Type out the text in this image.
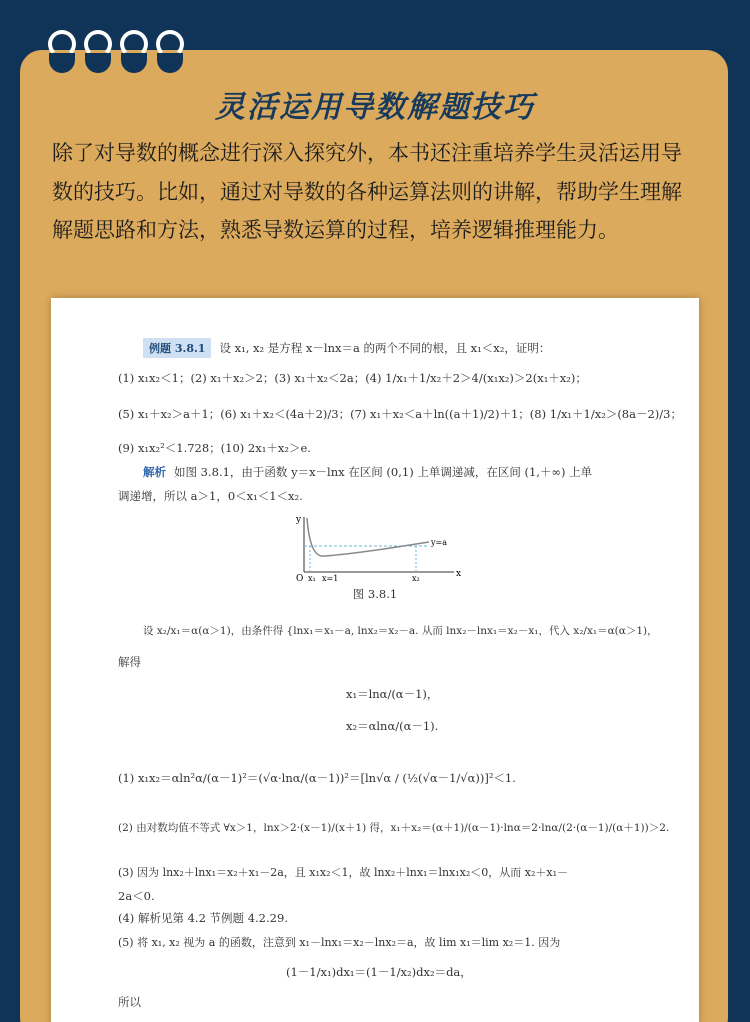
灵活运用导数解题技巧
除了对导数的概念进行深入探究外，本书还注重培养学生灵活运用导数的技巧。比如，通过对导数的各种运算法则的讲解，帮助学生理解解题思路和方法，熟悉导数运算的过程，培养逻辑推理能力。
例题 3.8.1 设 x₁, x₂ 是方程 x－lnx＝a 的两个不同的根，且 x₁＜x₂，证明：
(1) x₁x₂＜1；(2) x₁＋x₂＞2；(3) x₁＋x₂＜2a；(4) 1/x₁＋1/x₂＋2＞4/(x₁x₂)＞2(x₁＋x₂)；
(5) x₁＋x₂＞a＋1；(6) x₁＋x₂＜(4a＋2)/3；(7) x₁＋x₂＜a＋ln((a＋1)/2)＋1；(8) 1/x₁＋1/x₂＞(8a－2)/3；
(9) x₁x₂²＜1.728；(10) 2x₁＋x₂＞e.
解析 如图 3.8.1，由于函数 y＝x－lnx 在区间 (0,1) 上单调递减，在区间 (1,＋∞) 上单
调递增，所以 a＞1，0＜x₁＜1＜x₂.
y
x
O x₁ x=1	x₂
y=a
图 3.8.1
设 x₂/x₁＝α(α＞1)，由条件得 {lnx₁＝x₁－a, lnx₂＝x₂－a. 从而 lnx₂－lnx₁＝x₂－x₁，代入 x₂/x₁＝α(α＞1)，
解得
x₁＝lnα/(α－1)，
x₂＝αlnα/(α－1).
(1) x₁x₂＝αln²α/(α－1)²＝(√α·lnα/(α－1))²＝[ln√α / (½(√α－1/√α))]²＜1.
(2) 由对数均值不等式 ∀x＞1，lnx＞2·(x－1)/(x＋1) 得，x₁＋x₂＝(α＋1)/(α－1)·lnα＝2·lnα/(2·(α－1)/(α＋1))＞2.
(3) 因为 lnx₂＋lnx₁＝x₂＋x₁－2a，且 x₁x₂＜1，故 lnx₂＋lnx₁＝lnx₁x₂＜0，从而 x₂＋x₁－
2a＜0.
(4) 解析见第 4.2 节例题 4.2.29.
(5) 将 x₁, x₂ 视为 a 的函数，注意到 x₁－lnx₁＝x₂－lnx₂＝a，故 lim x₁＝lim x₂＝1. 因为
(1－1/x₁)dx₁＝(1－1/x₂)dx₂＝da，
所以
